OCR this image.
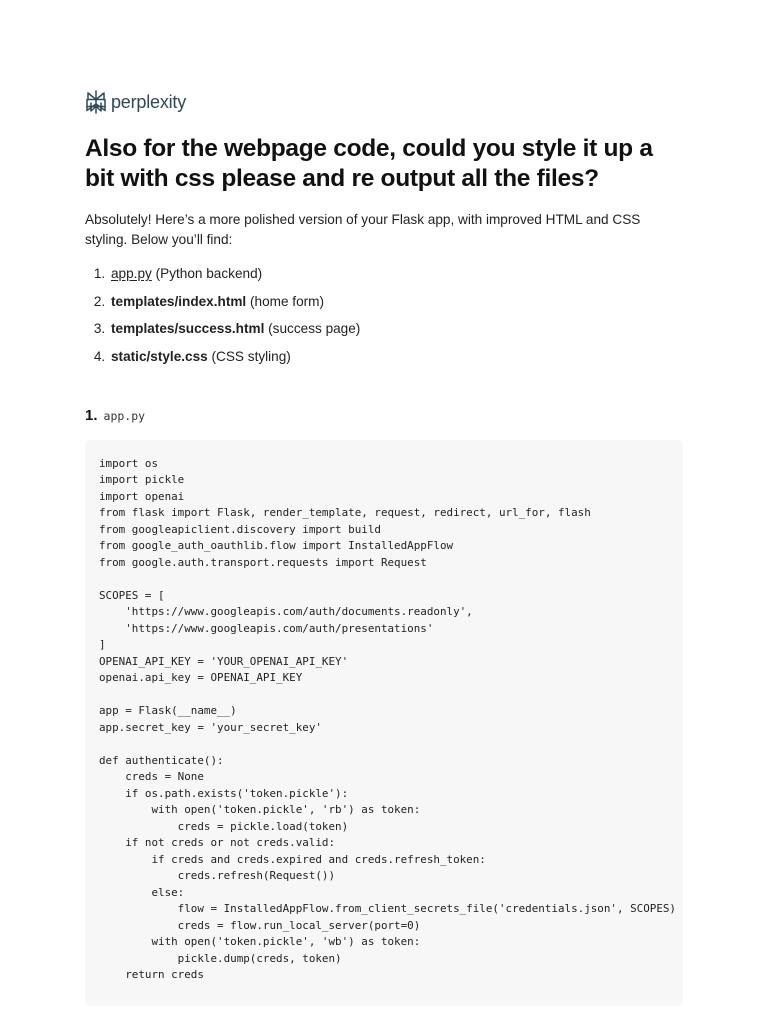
perplexity
Also for the webpage code, could you style it up a bit with css please and re output all the files?

Absolutely! Here’s a more polished version of your Flask app, with improved HTML and CSS styling. Below you’ll find:

1. app.py (Python backend)
2. templates/index.html (home form)
3. templates/success.html (success page)
4. static/style.css (CSS styling)
1. app.py
import os
import pickle
import openai
from flask import Flask, render_template, request, redirect, url_for, flash
from googleapiclient.discovery import build
from google_auth_oauthlib.flow import InstalledAppFlow
from google.auth.transport.requests import Request

SCOPES = [
'https://www.googleapis.com/auth/documents.readonly',
'https://www.googleapis.com/auth/presentations'
]
OPENAI_API_KEY = 'YOUR_OPENAI_API_KEY'
openai.api_key = OPENAI_API_KEY

app = Flask(__name__)
app.secret_key = 'your_secret_key'

def authenticate():
creds = None
if os.path.exists('token.pickle'):
with open('token.pickle', 'rb') as token:
creds = pickle.load(token)
if not creds or not creds.valid:
if creds and creds.expired and creds.refresh_token:
creds.refresh(Request())
else:
flow = InstalledAppFlow.from_client_secrets_file('credentials.json', SCOPES)
creds = flow.run_local_server(port=0)
with open('token.pickle', 'wb') as token:
pickle.dump(creds, token)
return creds
